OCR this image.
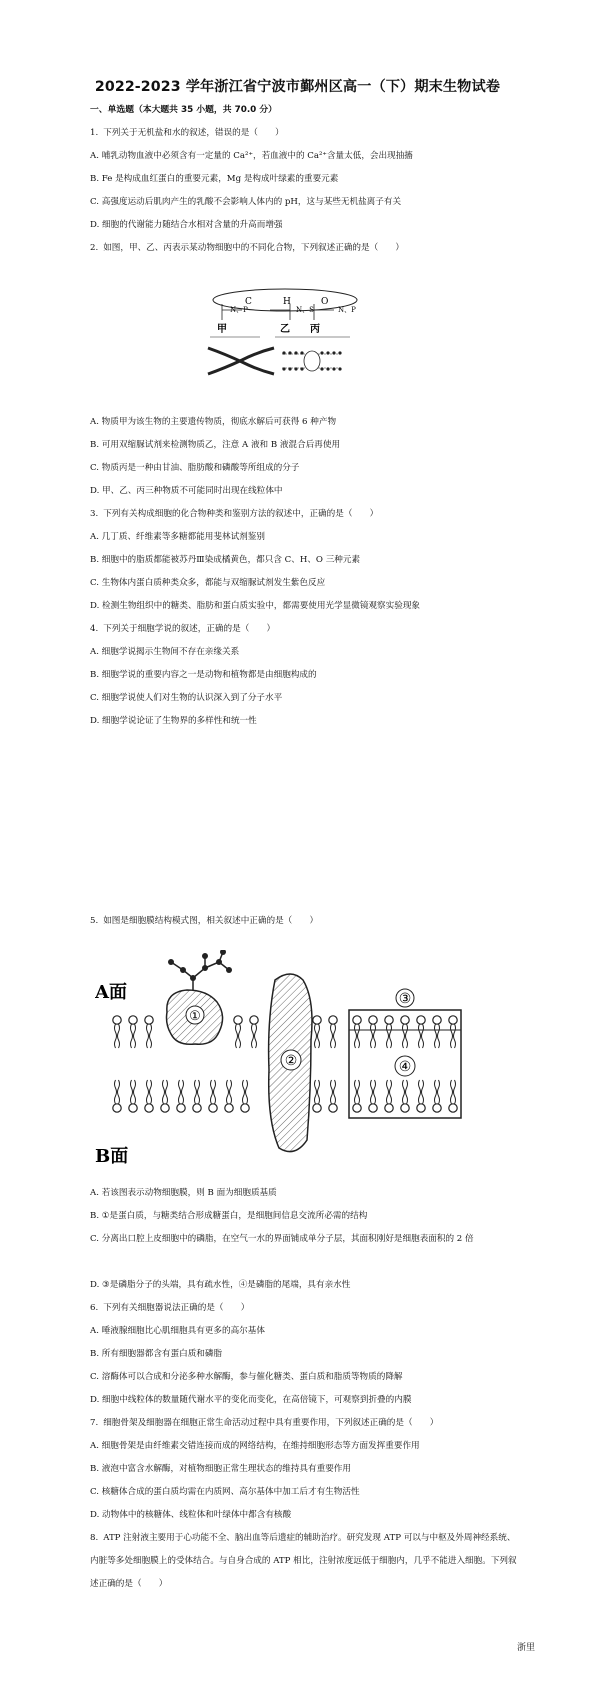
2022-2023 学年浙江省宁波市鄞州区高一（下）期末生物试卷
一、单选题（本大题共 35 小题，共 70.0 分）
1. 下列关于无机盐和水的叙述，错误的是（　　）
A. 哺乳动物血液中必须含有一定量的 Ca²⁺，若血液中的 Ca²⁺含量太低，会出现抽搐
B. Fe 是构成血红蛋白的重要元素，Mg 是构成叶绿素的重要元素
C. 高强度运动后肌肉产生的乳酸不会影响人体内的 pH，这与某些无机盐离子有关
D. 细胞的代谢能力随结合水相对含量的升高而增强
2. 如图，甲、乙、丙表示某动物细胞中的不同化合物，下列叙述正确的是（　　）
C	H	O
N、P	N、S	N、P
甲	乙 丙
A. 物质甲为该生物的主要遗传物质，彻底水解后可获得 6 种产物
B. 可用双缩脲试剂来检测物质乙，注意 A 液和 B 液混合后再使用
C. 物质丙是一种由甘油、脂肪酸和磷酸等所组成的分子
D. 甲、乙、丙三种物质不可能同时出现在线粒体中
3. 下列有关构成细胞的化合物种类和鉴别方法的叙述中，正确的是（　　）
A. 几丁质、纤维素等多糖都能用斐林试剂鉴别
B. 细胞中的脂质都能被苏丹Ⅲ染成橘黄色，都只含 C、H、O 三种元素
C. 生物体内蛋白质种类众多，都能与双缩脲试剂发生紫色反应
D. 检测生物组织中的糖类、脂肪和蛋白质实验中，都需要使用光学显微镜观察实验现象
4. 下列关于细胞学说的叙述，正确的是（　　）
A. 细胞学说揭示生物间不存在亲缘关系
B. 细胞学说的重要内容之一是动物和植物都是由细胞构成的
C. 细胞学说使人们对生物的认识深入到了分子水平
D. 细胞学说论证了生物界的多样性和统一性
5. 如图是细胞膜结构模式图，相关叙述中正确的是（　　）
A面
B面
①
②
③
④
A. 若该图表示动物细胞膜，则 B 面为细胞质基质
B. ①是蛋白质，与糖类结合形成糖蛋白，是细胞间信息交流所必需的结构
C. 分离出口腔上皮细胞中的磷脂，在空气一水的界面铺成单分子层，其面积刚好是细胞表面积的 2 倍
D. ③是磷脂分子的头端，具有疏水性，④是磷脂的尾端，具有亲水性
6. 下列有关细胞器说法正确的是（　　）
A. 唾液腺细胞比心肌细胞具有更多的高尔基体
B. 所有细胞器都含有蛋白质和磷脂
C. 溶酶体可以合成和分泌多种水解酶，参与催化糖类、蛋白质和脂质等物质的降解
D. 细胞中线粒体的数量随代谢水平的变化而变化，在高倍镜下，可观察到折叠的内膜
7. 细胞骨架及细胞器在细胞正常生命活动过程中具有重要作用，下列叙述正确的是（　　）
A. 细胞骨架是由纤维素交错连接而成的网络结构，在维持细胞形态等方面发挥重要作用
B. 液泡中富含水解酶，对植物细胞正常生理状态的维持具有重要作用
C. 核糖体合成的蛋白质均需在内质网、高尔基体中加工后才有生物活性
D. 动物体中的核糖体、线粒体和叶绿体中都含有核酸
8. ATP 注射液主要用于心功能不全、脑出血等后遗症的辅助治疗。研究发现 ATP 可以与中枢及外周神经系统、内脏等多处细胞膜上的受体结合。与自身合成的 ATP 相比，注射浓度远低于细胞内，几乎不能进入细胞。下列叙述正确的是（　　）
浙里
